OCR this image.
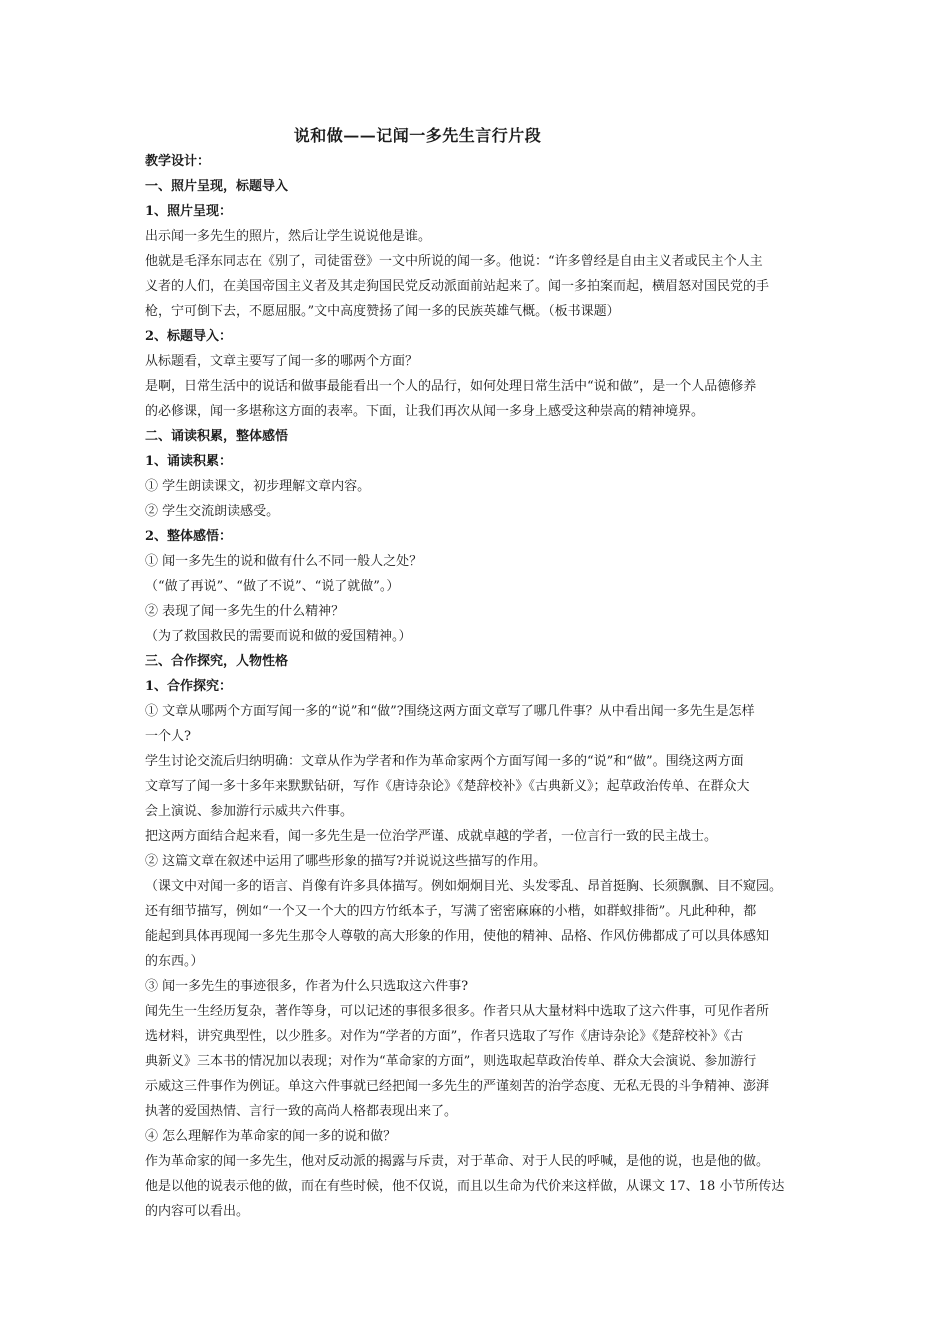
说和做——记闻一多先生言行片段

教学设计：

一、照片呈现，标题导入

1、照片呈现：

出示闻一多先生的照片，然后让学生说说他是谁。

他就是毛泽东同志在《别了，司徒雷登》一文中所说的闻一多。他说：“许多曾经是自由主义者或民主个人主

义者的人们，在美国帝国主义者及其走狗国民党反动派面前站起来了。闻一多拍案而起，横眉怒对国民党的手

枪，宁可倒下去，不愿屈服。”文中高度赞扬了闻一多的民族英雄气概。（板书课题）

2、标题导入：

从标题看，文章主要写了闻一多的哪两个方面？

是啊，日常生活中的说话和做事最能看出一个人的品行，如何处理日常生活中“说和做”，是一个人品德修养

的必修课，闻一多堪称这方面的表率。下面，让我们再次从闻一多身上感受这种崇高的精神境界。

二、诵读积累，整体感悟

1、诵读积累：

① 学生朗读课文，初步理解文章内容。

② 学生交流朗读感受。

2、整体感悟：

① 闻一多先生的说和做有什么不同一般人之处？

（“做了再说”、“做了不说”、“说了就做”。）

② 表现了闻一多先生的什么精神？

（为了救国救民的需要而说和做的爱国精神。）

三、合作探究，人物性格

1、合作探究：

① 文章从哪两个方面写闻一多的“说”和“做”?围绕这两方面文章写了哪几件事？从中看出闻一多先生是怎样

一个人?

学生讨论交流后归纳明确：文章从作为学者和作为革命家两个方面写闻一多的“说”和“做”。围绕这两方面

文章写了闻一多十多年来默默钻研，写作《唐诗杂论》《楚辞校补》《古典新义》；起草政治传单、在群众大

会上演说、参加游行示威共六件事。

把这两方面结合起来看，闻一多先生是一位治学严谨、成就卓越的学者，一位言行一致的民主战士。

② 这篇文章在叙述中运用了哪些形象的描写?并说说这些描写的作用。

（课文中对闻一多的语言、肖像有许多具体描写。例如炯炯目光、头发零乱、昂首挺胸、长须飘飘、目不窥园。

还有细节描写，例如“一个又一个大的四方竹纸本子，写满了密密麻麻的小楷，如群蚁排衙”。凡此种种，都

能起到具体再现闻一多先生那令人尊敬的高大形象的作用，使他的精神、品格、作风仿佛都成了可以具体感知

的东西。）

③ 闻一多先生的事迹很多，作者为什么只选取这六件事?

闻先生一生经历复杂，著作等身，可以记述的事很多很多。作者只从大量材料中选取了这六件事，可见作者所

选材料，讲究典型性，以少胜多。对作为“学者的方面”，作者只选取了写作《唐诗杂论》《楚辞校补》《古

典新义》三本书的情况加以表现；对作为“革命家的方面”，则选取起草政治传单、群众大会演说、参加游行

示威这三件事作为例证。单这六件事就已经把闻一多先生的严谨刻苦的治学态度、无私无畏的斗争精神、澎湃

执著的爱国热情、言行一致的高尚人格都表现出来了。

④ 怎么理解作为革命家的闻一多的说和做？

作为革命家的闻一多先生，他对反动派的揭露与斥责，对于革命、对于人民的呼喊，是他的说，也是他的做。

他是以他的说表示他的做，而在有些时候，他不仅说，而且以生命为代价来这样做，从课文 17、18 小节所传达

的内容可以看出。
